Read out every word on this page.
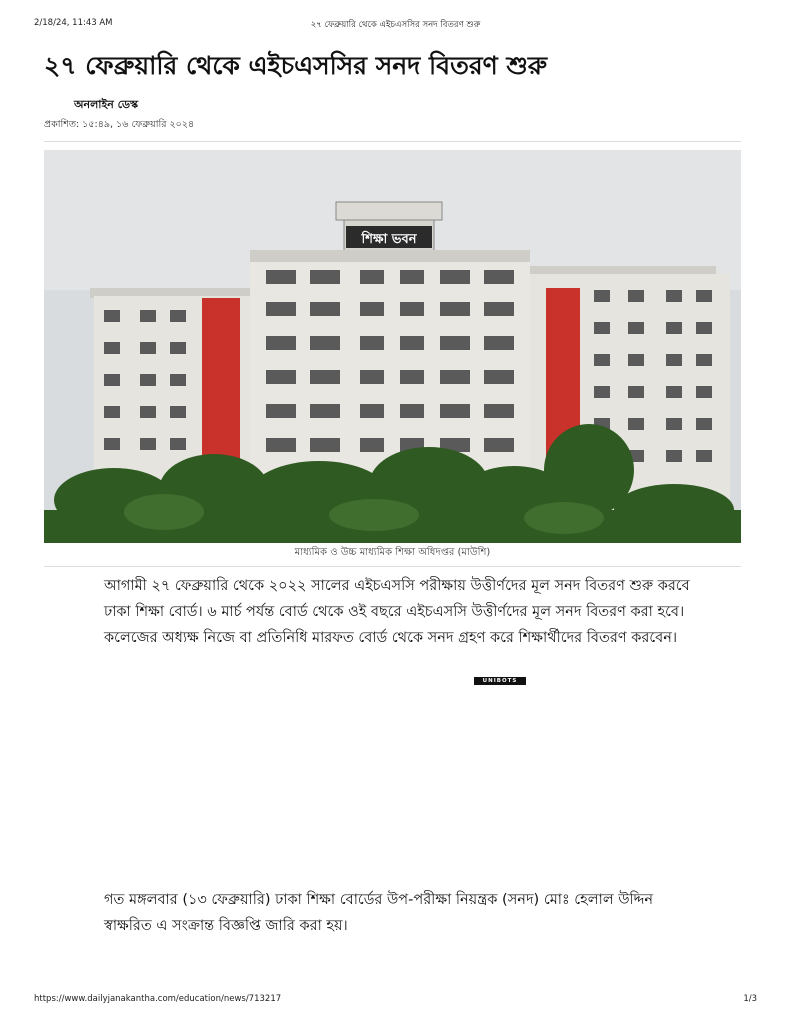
2/18/24, 11:43 AM	২৭ ফেব্রুয়ারি থেকে এইচএসসির সনদ বিতরণ শুরু
২৭ ফেব্রুয়ারি থেকে এইচএসসির সনদ বিতরণ শুরু
অনলাইন ডেস্ক
প্রকাশিত: ১৫:৪৯, ১৬ ফেব্রুয়ারি ২০২৪
শিক্ষা ভবন
মাধ্যমিক ও উচ্চ মাধ্যমিক শিক্ষা অধিদপ্তর (মাউশি)

আগামী ২৭ ফেব্রুয়ারি থেকে ২০২২ সালের এইচএসসি পরীক্ষায় উত্তীর্ণদের মূল সনদ বিতরণ শুরু করবে ঢাকা শিক্ষা বোর্ড। ৬ মার্চ পর্যন্ত বোর্ড থেকে ওই বছরে এইচএসসি উত্তীর্ণদের মূল সনদ বিতরণ করা হবে। কলেজের অধ্যক্ষ নিজে বা প্রতিনিধি মারফত বোর্ড থেকে সনদ গ্রহণ করে শিক্ষার্থীদের বিতরণ করবেন।

UNIBOTS

গত মঙ্গলবার (১৩ ফেব্রুয়ারি) ঢাকা শিক্ষা বোর্ডের উপ-পরীক্ষা নিয়ন্ত্রক (সনদ) মোঃ হেলাল উদ্দিন স্বাক্ষরিত এ সংক্রান্ত বিজ্ঞপ্তি জারি করা হয়।

https://www.dailyjanakantha.com/education/news/713217	1/3
